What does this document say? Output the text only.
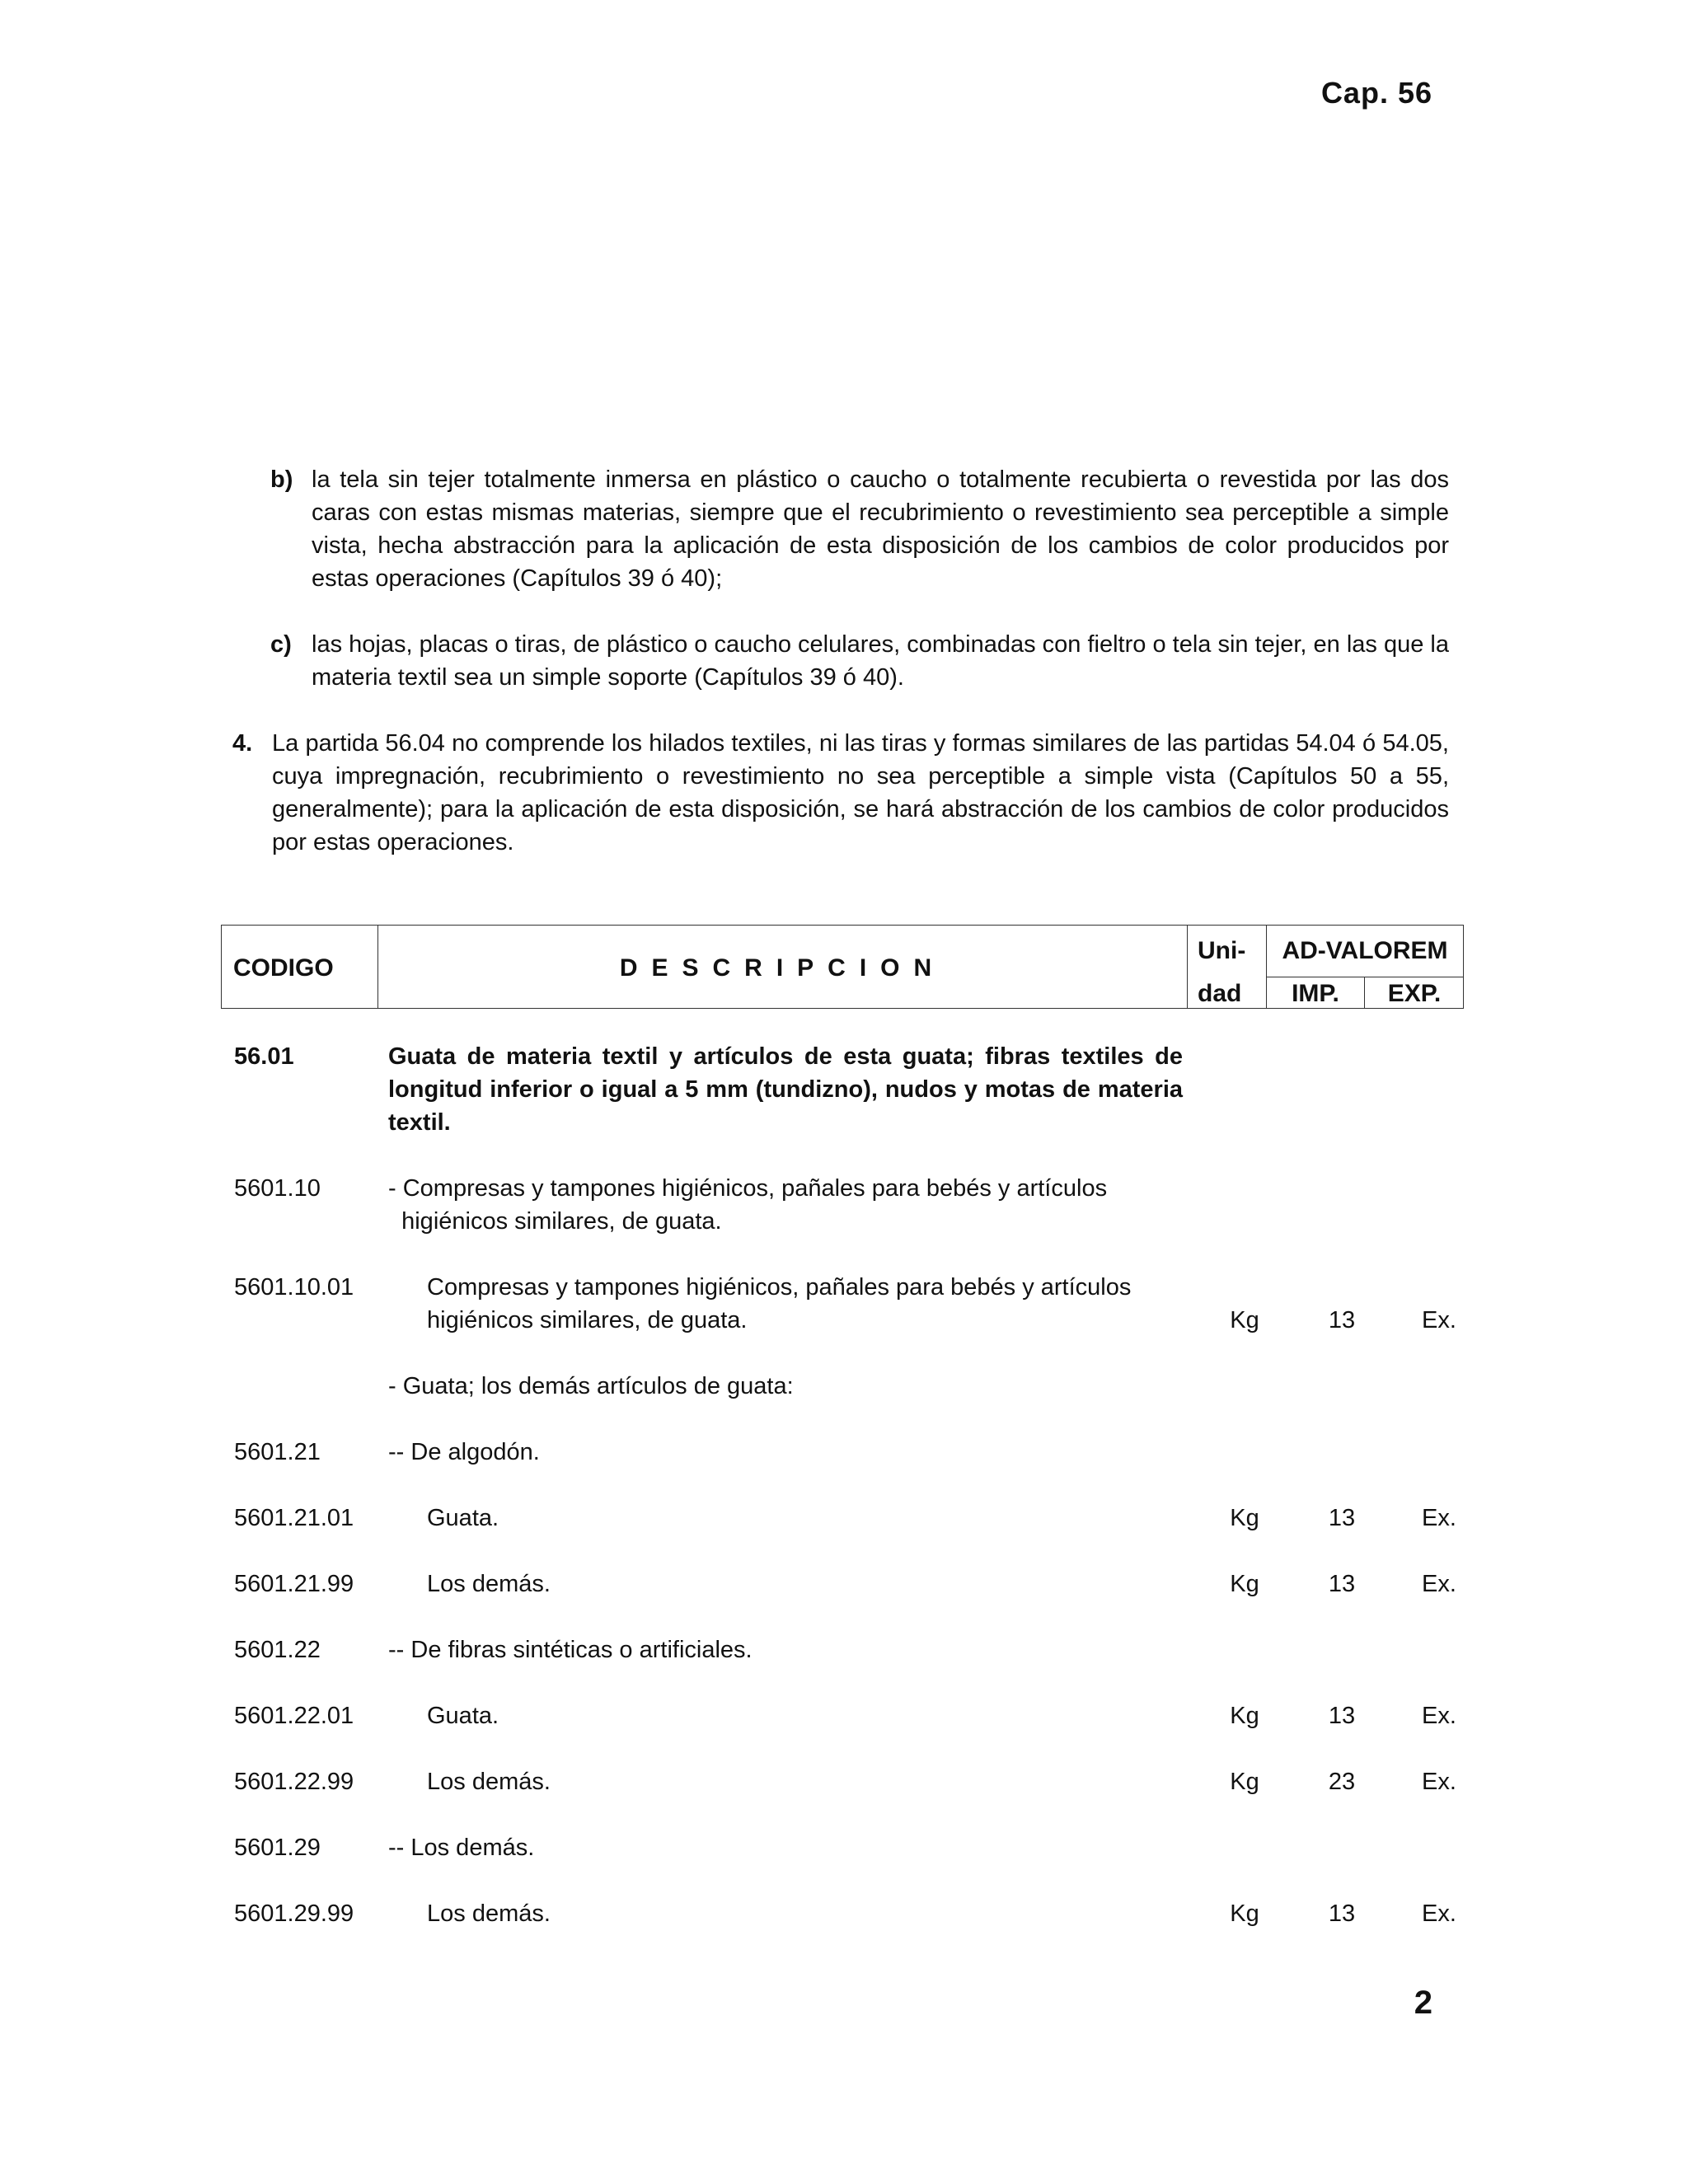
Cap. 56
b) la tela sin tejer totalmente inmersa en plástico o caucho o totalmente recubierta o revestida por las dos caras con estas mismas materias, siempre que el recubrimiento o revestimiento sea perceptible a simple vista, hecha abstracción para la aplicación de esta disposición de los cambios de color producidos por estas operaciones (Capítulos 39 ó 40);
c) las hojas, placas o tiras, de plástico o caucho celulares, combinadas con fieltro o tela sin tejer, en las que la materia textil sea un simple soporte (Capítulos 39 ó 40).
4. La partida 56.04 no comprende los hilados textiles, ni las tiras y formas similares de las partidas 54.04 ó 54.05, cuya impregnación, recubrimiento o revestimiento no sea perceptible a simple vista (Capítulos 50 a 55, generalmente); para la aplicación de esta disposición, se hará abstracción de los cambios de color producidos por estas operaciones.
CODIGO	DESCRIPCION
Uni-
dad
AD-VALOREM
IMP.	EXP.
56.01	Guata de materia textil y artículos de esta guata; fibras textiles de longitud inferior o igual a 5 mm (tundizno), nudos y motas de materia textil.
5601.10	- Compresas y tampones higiénicos, pañales para bebés y artículos
higiénicos similares, de guata.
5601.10.01	Compresas y tampones higiénicos, pañales para bebés y artículos higiénicos similares, de guata.	Kg	13	Ex.
- Guata; los demás artículos de guata:
5601.21	-- De algodón.
5601.21.01	Guata.	Kg	13	Ex.
5601.21.99	Los demás.	Kg	13	Ex.
5601.22	-- De fibras sintéticas o artificiales.
5601.22.01	Guata.	Kg	13	Ex.
5601.22.99	Los demás.	Kg	23	Ex.
5601.29	-- Los demás.
5601.29.99	Los demás.	Kg	13	Ex.
2
